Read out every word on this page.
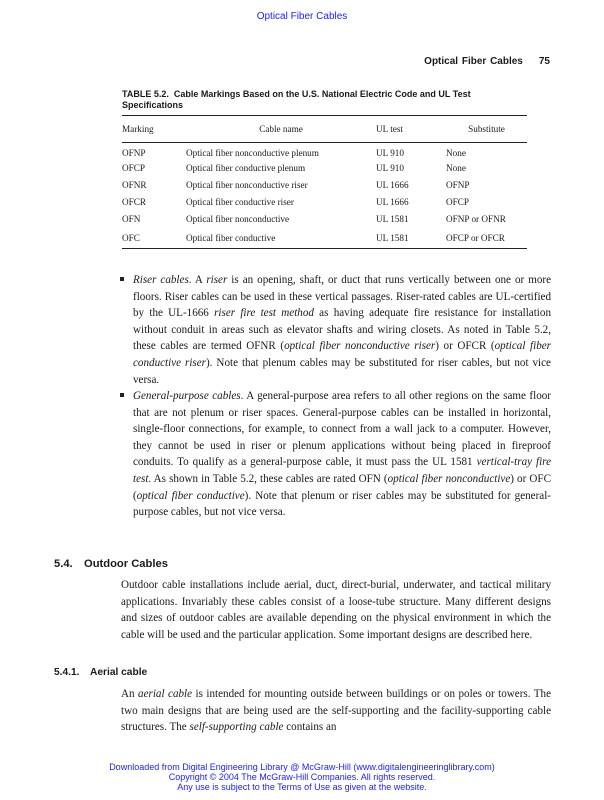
Optical Fiber Cables
Optical Fiber Cables 75
TABLE 5.2. Cable Markings Based on the U.S. National Electric Code and UL Test Specifications
Marking	Cable name	UL test	Substitute
OFNP	Optical fiber nonconductive plenum	UL 910	None
OFCP	Optical fiber conductive plenum	UL 910	None
OFNR	Optical fiber nonconductive riser	UL 1666	OFNP
OFCR	Optical fiber conductive riser	UL 1666	OFCP
OFN	Optical fiber nonconductive	UL 1581	OFNP or OFNR
OFC	Optical fiber conductive	UL 1581	OFCP or OFCR
Riser cables. A riser is an opening, shaft, or duct that runs vertically between one or more floors. Riser cables can be used in these vertical passages. Riser-rated cables are UL-certified by the UL-1666 riser fire test method as having adequate fire resistance for installation without conduit in areas such as elevator shafts and wiring closets. As noted in Table 5.2, these cables are termed OFNR (optical fiber nonconductive riser) or OFCR (optical fiber conductive riser). Note that plenum cables may be substituted for riser cables, but not vice versa.
General-purpose cables. A general-purpose area refers to all other regions on the same floor that are not plenum or riser spaces. General-purpose cables can be installed in horizontal, single-floor connections, for example, to connect from a wall jack to a computer. However, they cannot be used in riser or plenum applications without being placed in fireproof conduits. To qualify as a general-purpose cable, it must pass the UL 1581 vertical-tray fire test. As shown in Table 5.2, these cables are rated OFN (optical fiber nonconductive) or OFC (optical fiber conductive). Note that plenum or riser cables may be substituted for general-purpose cables, but not vice versa.
5.4. Outdoor Cables
Outdoor cable installations include aerial, duct, direct-burial, underwater, and tactical military applications. Invariably these cables consist of a loose-tube structure. Many different designs and sizes of outdoor cables are available depending on the physical environment in which the cable will be used and the particular application. Some important designs are described here.
5.4.1. Aerial cable
An aerial cable is intended for mounting outside between buildings or on poles or towers. The two main designs that are being used are the self-supporting and the facility-supporting cable structures. The self-supporting cable contains an
Downloaded from Digital Engineering Library @ McGraw-Hill (www.digitalengineeringlibrary.com)
Copyright © 2004 The McGraw-Hill Companies. All rights reserved.
Any use is subject to the Terms of Use as given at the website.
